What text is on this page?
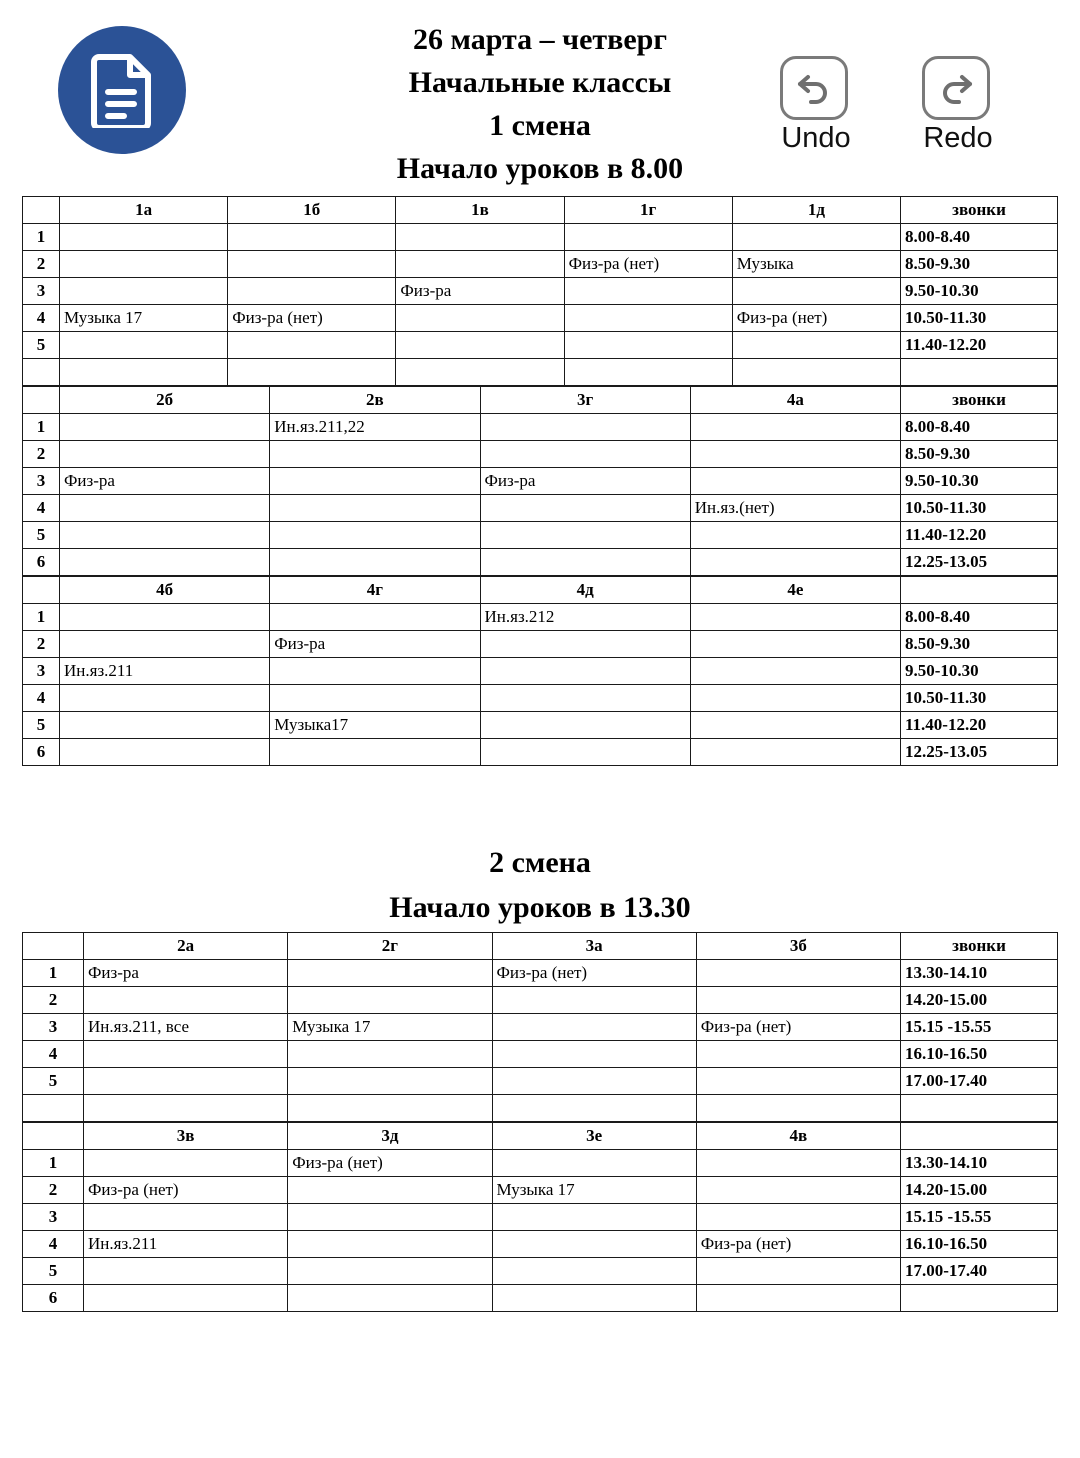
26 марта – четверг
Начальные классы
1 смена
Начало уроков в 8.00
Undo	Redo
	1а	1б	1в	1г	1д	звонки
1						8.00-8.40
2				Физ-ра (нет)	Музыка	8.50-9.30
3			Физ-ра			9.50-10.30
4	Музыка 17	Физ-ра (нет)			Физ-ра (нет)	10.50-11.30
5						11.40-12.20

	2б	2в	3г	4а	звонки
1		Ин.яз.211,22			8.00-8.40
2					8.50-9.30
3	Физ-ра		Физ-ра		9.50-10.30
4				Ин.яз.(нет)	10.50-11.30
5					11.40-12.20
6					12.25-13.05
	4б	4г	4д	4е	
1			Ин.яз.212		8.00-8.40
2		Физ-ра			8.50-9.30
3	Ин.яз.211				9.50-10.30
4					10.50-11.30
5		Музыка17			11.40-12.20
6					12.25-13.05
2 смена
Начало уроков в 13.30
	2а	2г	3а	3б	звонки
1	Физ-ра		Физ-ра (нет)		13.30-14.10
2					14.20-15.00
3	Ин.яз.211, все	Музыка 17		Физ-ра (нет)	15.15 -15.55
4					16.10-16.50
5					17.00-17.40

	3в	3д	3е	4в	
1		Физ-ра (нет)			13.30-14.10
2	Физ-ра (нет)		Музыка 17		14.20-15.00
3					15.15 -15.55
4	Ин.яз.211			Физ-ра (нет)	16.10-16.50
5					17.00-17.40
6					
